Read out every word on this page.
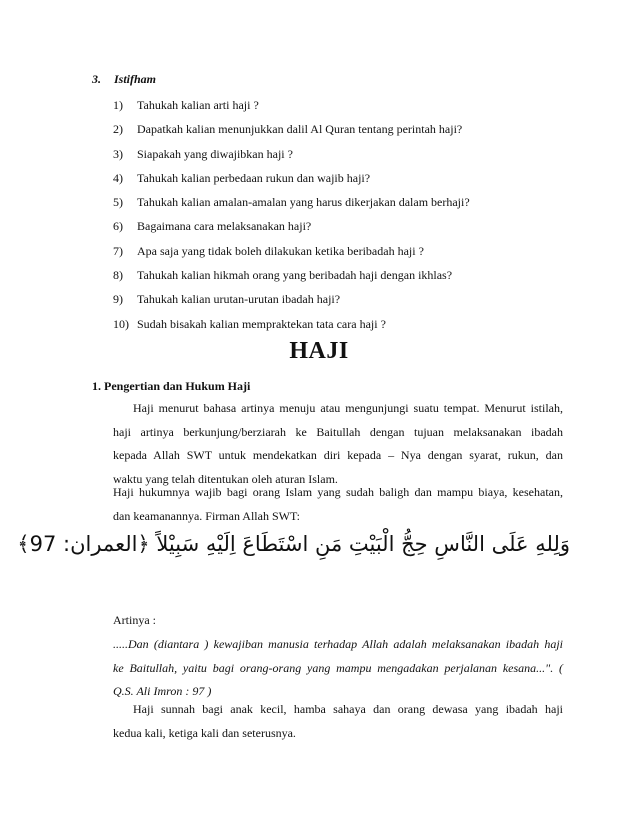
3. Istifham
1) Tahukah kalian arti haji ?
2) Dapatkah kalian menunjukkan dalil Al Quran tentang perintah haji?
3) Siapakah yang diwajibkan haji ?
4) Tahukah kalian perbedaan rukun dan wajib haji?
5) Tahukah kalian amalan-amalan yang harus dikerjakan dalam berhaji?
6) Bagaimana cara melaksanakan haji?
7) Apa saja yang tidak boleh dilakukan ketika beribadah haji ?
8) Tahukah kalian hikmah orang yang beribadah haji dengan ikhlas?
9) Tahukah kalian urutan-urutan ibadah haji?
10) Sudah bisakah kalian mempraktekan tata cara haji ?
HAJI
1. Pengertian dan Hukum Haji
Haji menurut bahasa artinya menuju atau mengunjungi suatu tempat. Menurut istilah,
haji artinya berkunjung/berziarah ke Baitullah dengan tujuan melaksanakan ibadah
kepada Allah SWT untuk mendekatkan diri kepada – Nya dengan syarat, rukun, dan
waktu yang telah ditentukan oleh aturan Islam.
Haji hukumnya wajib bagi orang Islam yang sudah baligh dan mampu biaya, kesehatan,
dan keamanannya. Firman Allah SWT:
وَلِلهِ عَلَى النَّاسِ حِجُّ الْبَيْتِ مَنِ اسْتَطَاعَ اِلَيْهِ سَبِيْلاً ﴿العمران: 97﴾
Artinya :
.....Dan (diantara ) kewajiban manusia terhadap Allah adalah melaksanakan ibadah haji
ke Baitullah, yaitu bagi orang-orang yang mampu mengadakan perjalanan kesana...". (
Q.S. Ali Imron : 97 )
Haji sunnah bagi anak kecil, hamba sahaya dan orang dewasa yang ibadah haji
kedua kali, ketiga kali dan seterusnya.
